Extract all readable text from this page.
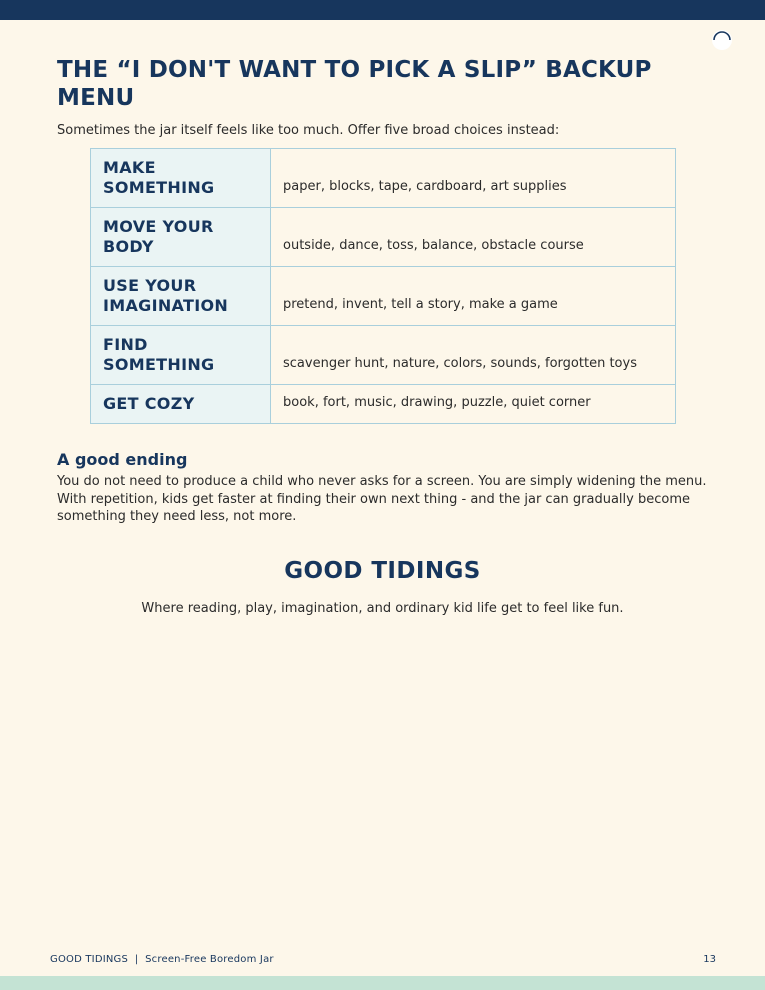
THE “I DON'T WANT TO PICK A SLIP” BACKUP MENU

Sometimes the jar itself feels like too much. Offer five broad choices instead:

MAKE SOMETHING	paper, blocks, tape, cardboard, art supplies
MOVE YOUR BODY	outside, dance, toss, balance, obstacle course
USE YOUR IMAGINATION	pretend, invent, tell a story, make a game
FIND SOMETHING	scavenger hunt, nature, colors, sounds, forgotten toys
GET COZY	book, fort, music, drawing, puzzle, quiet corner
A good ending

You do not need to produce a child who never asks for a screen. You are simply widening the menu. With repetition, kids get faster at finding their own next thing - and the jar can gradually become something they need less, not more.

GOOD TIDINGS
Where reading, play, imagination, and ordinary kid life get to feel like fun.
GOOD TIDINGS  |  Screen-Free Boredom Jar	13
